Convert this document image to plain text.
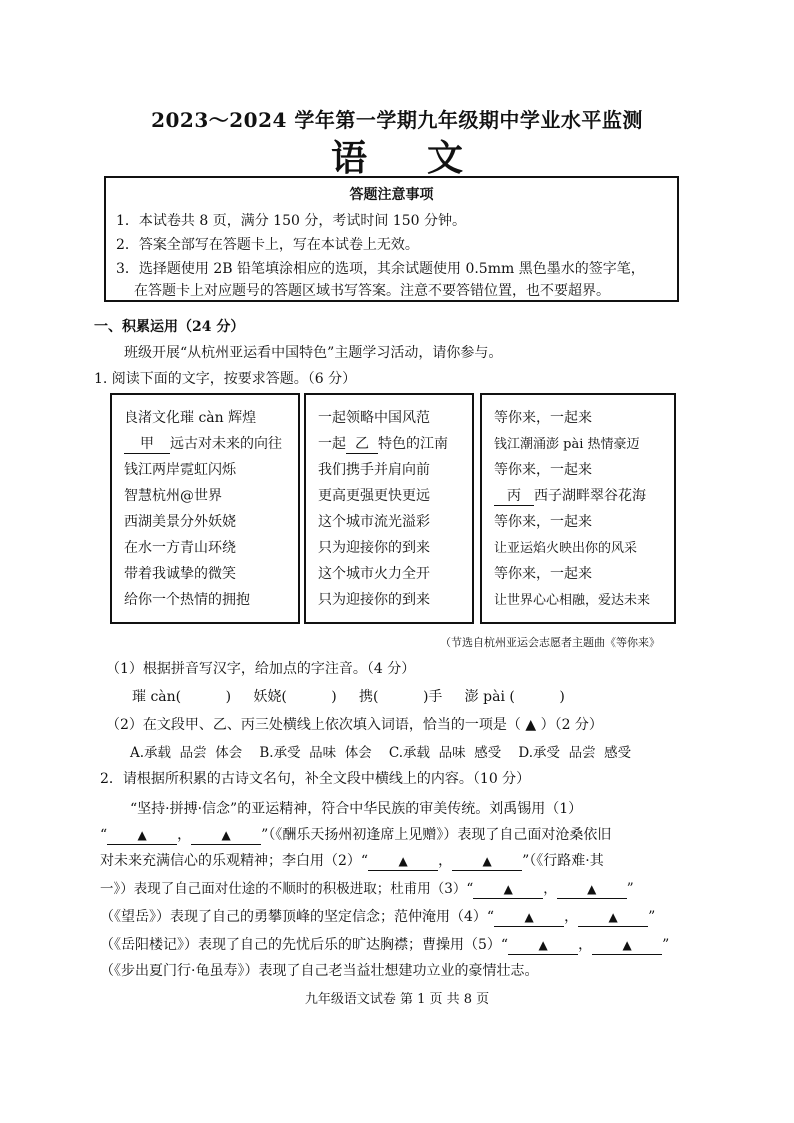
2023～2024 学年第一学期九年级期中学业水平监测
语文
答题注意事项
1．本试卷共 8 页，满分 150 分，考试时间 150 分钟。
2．答案全部写在答题卡上，写在本试卷上无效。
3．选择题使用 2B 铅笔填涂相应的选项，其余试题使用 0.5mm 黑色墨水的签字笔，
在答题卡上对应题号的答题区域书写答案。注意不要答错位置，也不要超界。
一、积累运用（24 分）
班级开展“从杭州亚运看中国特色”主题学习活动，请你参与。
1. 阅读下面的文字，按要求答题。（6 分）
良渚文化璀 càn 辉煌
甲 远古对未来的向往
钱江两岸霓虹闪烁
智慧杭州@世界
西湖美景分外妖娆
在水一方青山环绕
带着我诚挚的微笑
给你一个热情的拥抱
一起领略中国风范
一起 乙 特色的江南
我们携手并肩向前
更高更强更快更远
这个城市流光溢彩
只为迎接你的到来
这个城市火力全开
只为迎接你的到来
等你来，一起来
钱江潮涌澎 pài 热情豪迈
等你来，一起来
丙 西子湖畔翠谷花海
等你来，一起来
让亚运焰火映出你的风采
等你来，一起来
让世界心心相融，爱达未来
（节选自杭州亚运会志愿者主题曲《等你来》
（1）根据拼音写汉字，给加点的字注音。（4 分）
璀 càn(          )     妖娆(          )     携(          )手     澎 pài (          )
（2）在文段甲、乙、丙三处横线上依次填入词语，恰当的一项是（ ▲ ）（2 分）
A.承载  品尝  体会    B.承受  品味  体会    C.承载  品味  感受    D.承受  品尝  感受
2．请根据所积累的古诗文名句，补全文段中横线上的内容。（10 分）
“坚持·拼搏·信念”的亚运精神，符合中华民族的审美传统。刘禹锡用（1）
“	▲ ，	▲ ”（《酬乐天扬州初逢席上见赠》）表现了自己面对沧桑依旧
对未来充满信心的乐观精神；李白用（2）“	▲ ，	▲ ”（《行路难·其
一》）表现了自己面对仕途的不顺时的积极进取；杜甫用（3）“	▲ ，	▲ ”
（《望岳》）表现了自己的勇攀顶峰的坚定信念；范仲淹用（4）“	▲ ，	▲ ”
（《岳阳楼记》）表现了自己的先忧后乐的旷达胸襟；曹操用（5）“	▲ ，	▲ ”
（《步出夏门行·龟虽寿》）表现了自己老当益壮想建功立业的豪情壮志。
九年级语文试卷 第 1 页 共 8 页
